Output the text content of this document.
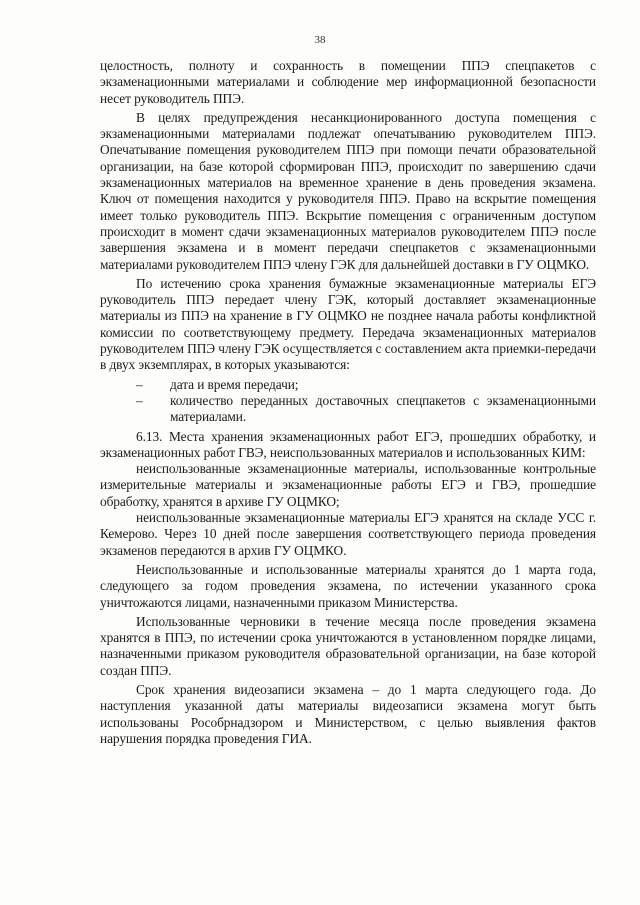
38

целостность, полноту и сохранность в помещении ППЭ спецпакетов с экзаменационными материалами и соблюдение мер информационной безопасности несет руководитель ППЭ.

В целях предупреждения несанкционированного доступа помещения с экзаменационными материалами подлежат опечатыванию руководителем ППЭ. Опечатывание помещения руководителем ППЭ при помощи печати образовательной организации, на базе которой сформирован ППЭ, происходит по завершению сдачи экзаменационных материалов на временное хранение в день проведения экзамена. Ключ от помещения находится у руководителя ППЭ. Право на вскрытие помещения имеет только руководитель ППЭ. Вскрытие помещения с ограниченным доступом происходит в момент сдачи экзаменационных материалов руководителем ППЭ после завершения экзамена и в момент передачи спецпакетов с экзаменационными материалами руководителем ППЭ члену ГЭК для дальнейшей доставки в ГУ ОЦМКО.

По истечению срока хранения бумажные экзаменационные материалы ЕГЭ руководитель ППЭ передает члену ГЭК, который доставляет экзаменационные материалы из ППЭ на хранение в ГУ ОЦМКО не позднее начала работы конфликтной комиссии по соответствующему предмету. Передача экзаменационных материалов руководителем ППЭ члену ГЭК осуществляется с составлением акта приемки-передачи в двух экземплярах, в которых указываются:

–	дата и время передачи;
–	количество переданных доставочных спецпакетов с экзаменационными материалами.

6.13. Места хранения экзаменационных работ ЕГЭ, прошедших обработку, и экзаменационных работ ГВЭ, неиспользованных материалов и использованных КИМ:

неиспользованные экзаменационные материалы, использованные контрольные измерительные материалы и экзаменационные работы ЕГЭ и ГВЭ, прошедшие обработку, хранятся в архиве ГУ ОЦМКО;

неиспользованные экзаменационные материалы ЕГЭ хранятся на складе УСС г. Кемерово. Через 10 дней после завершения соответствующего периода проведения экзаменов передаются в архив ГУ ОЦМКО.

Неиспользованные и использованные материалы хранятся до 1 марта года, следующего за годом проведения экзамена, по истечении указанного срока уничтожаются лицами, назначенными приказом Министерства.

Использованные черновики в течение месяца после проведения экзамена хранятся в ППЭ, по истечении срока уничтожаются в установленном порядке лицами, назначенными приказом руководителя образовательной организации, на базе которой создан ППЭ.

Срок хранения видеозаписи экзамена – до 1 марта следующего года. До наступления указанной даты материалы видеозаписи экзамена могут быть использованы Рособрнадзором и Министерством, с целью выявления фактов нарушения порядка проведения ГИА.
